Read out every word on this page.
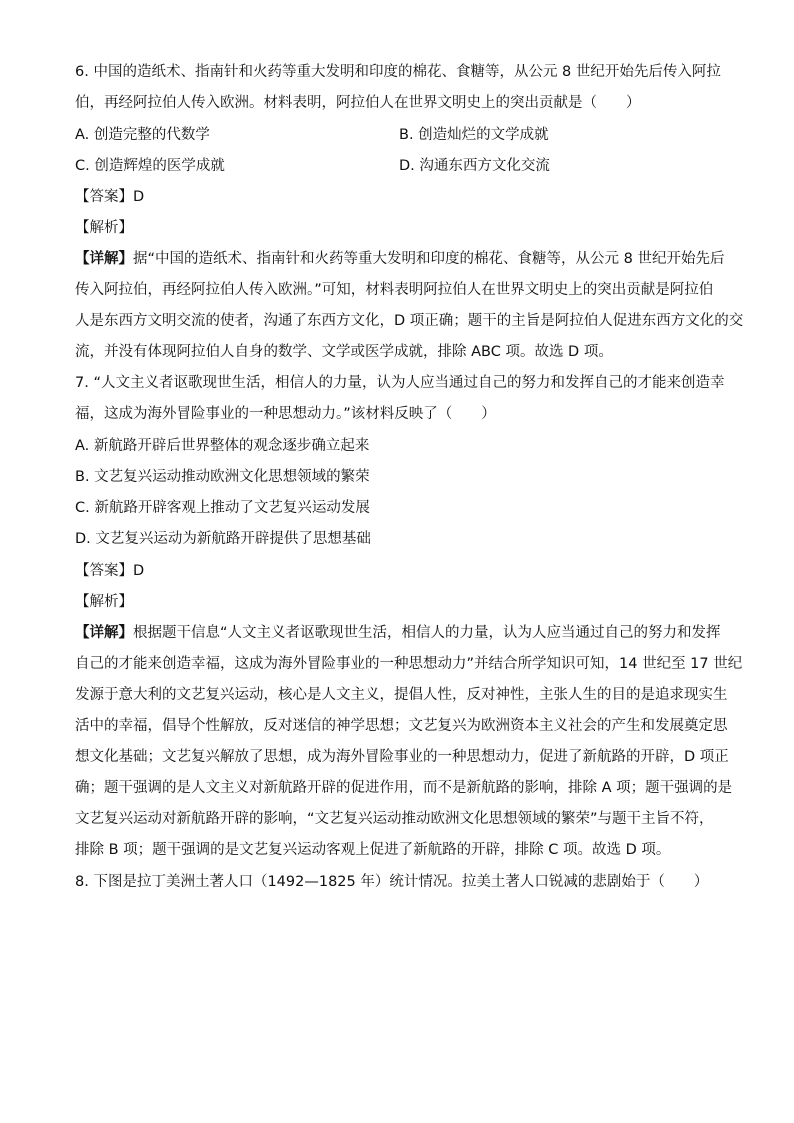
6. 中国的造纸术、指南针和火药等重大发明和印度的棉花、食糖等，从公元 8 世纪开始先后传入阿拉
伯，再经阿拉伯人传入欧洲。材料表明，阿拉伯人在世界文明史上的突出贡献是（　　）
A. 创造完整的代数学	B. 创造灿烂的文学成就
C. 创造辉煌的医学成就	D. 沟通东西方文化交流
【答案】D
【解析】
【详解】据“中国的造纸术、指南针和火药等重大发明和印度的棉花、食糖等，从公元 8 世纪开始先后
传入阿拉伯，再经阿拉伯人传入欧洲。”可知，材料表明阿拉伯人在世界文明史上的突出贡献是阿拉伯
人是东西方文明交流的使者，沟通了东西方文化，D 项正确；题干的主旨是阿拉伯人促进东西方文化的交
流，并没有体现阿拉伯人自身的数学、文学或医学成就，排除 ABC 项。故选 D 项。
7. “人文主义者讴歌现世生活，相信人的力量，认为人应当通过自己的努力和发挥自己的才能来创造幸
福，这成为海外冒险事业的一种思想动力。”该材料反映了（　　）
A. 新航路开辟后世界整体的观念逐步确立起来
B. 文艺复兴运动推动欧洲文化思想领域的繁荣
C. 新航路开辟客观上推动了文艺复兴运动发展
D. 文艺复兴运动为新航路开辟提供了思想基础
【答案】D
【解析】
【详解】根据题干信息“人文主义者讴歌现世生活，相信人的力量，认为人应当通过自己的努力和发挥
自己的才能来创造幸福，这成为海外冒险事业的一种思想动力”并结合所学知识可知，14 世纪至 17 世纪
发源于意大利的文艺复兴运动，核心是人文主义，提倡人性，反对神性，主张人生的目的是追求现实生
活中的幸福，倡导个性解放，反对迷信的神学思想；文艺复兴为欧洲资本主义社会的产生和发展奠定思
想文化基础；文艺复兴解放了思想，成为海外冒险事业的一种思想动力，促进了新航路的开辟，D 项正
确；题干强调的是人文主义对新航路开辟的促进作用，而不是新航路的影响，排除 A 项；题干强调的是
文艺复兴运动对新航路开辟的影响，“文艺复兴运动推动欧洲文化思想领域的繁荣”与题干主旨不符，
排除 B 项；题干强调的是文艺复兴运动客观上促进了新航路的开辟，排除 C 项。故选 D 项。
8. 下图是拉丁美洲土著人口（1492—1825 年）统计情况。拉美土著人口锐减的悲剧始于（　　）
